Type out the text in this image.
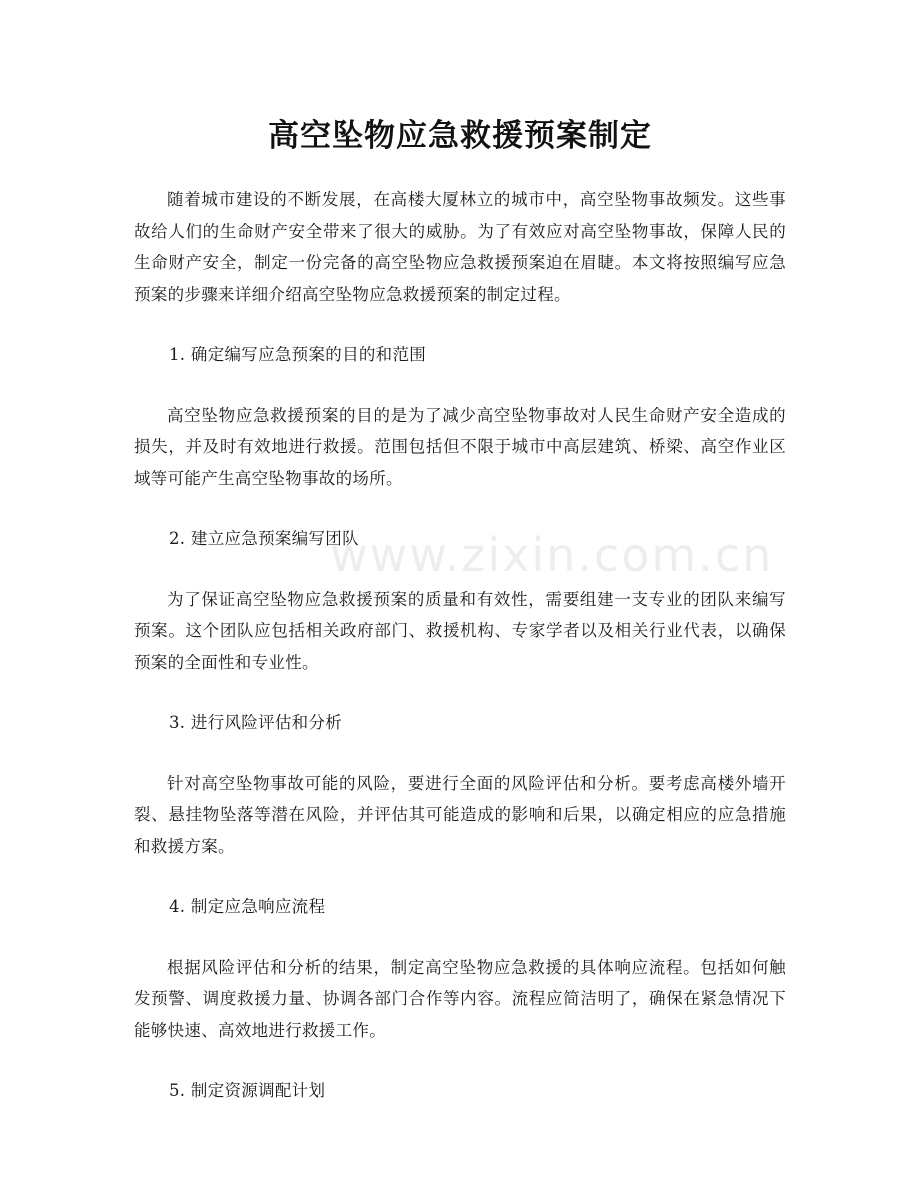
www.zixin.com.cn
高空坠物应急救援预案制定

随着城市建设的不断发展，在高楼大厦林立的城市中，高空坠物事故频发。这些事故给人们的生命财产安全带来了很大的威胁。为了有效应对高空坠物事故，保障人民的生命财产安全，制定一份完备的高空坠物应急救援预案迫在眉睫。本文将按照编写应急预案的步骤来详细介绍高空坠物应急救援预案的制定过程。

1. 确定编写应急预案的目的和范围

高空坠物应急救援预案的目的是为了减少高空坠物事故对人民生命财产安全造成的损失，并及时有效地进行救援。范围包括但不限于城市中高层建筑、桥梁、高空作业区域等可能产生高空坠物事故的场所。

2. 建立应急预案编写团队

为了保证高空坠物应急救援预案的质量和有效性，需要组建一支专业的团队来编写预案。这个团队应包括相关政府部门、救援机构、专家学者以及相关行业代表，以确保预案的全面性和专业性。

3. 进行风险评估和分析

针对高空坠物事故可能的风险，要进行全面的风险评估和分析。要考虑高楼外墙开裂、悬挂物坠落等潜在风险，并评估其可能造成的影响和后果，以确定相应的应急措施和救援方案。

4. 制定应急响应流程

根据风险评估和分析的结果，制定高空坠物应急救援的具体响应流程。包括如何触发预警、调度救援力量、协调各部门合作等内容。流程应简洁明了，确保在紧急情况下能够快速、高效地进行救援工作。

5. 制定资源调配计划
